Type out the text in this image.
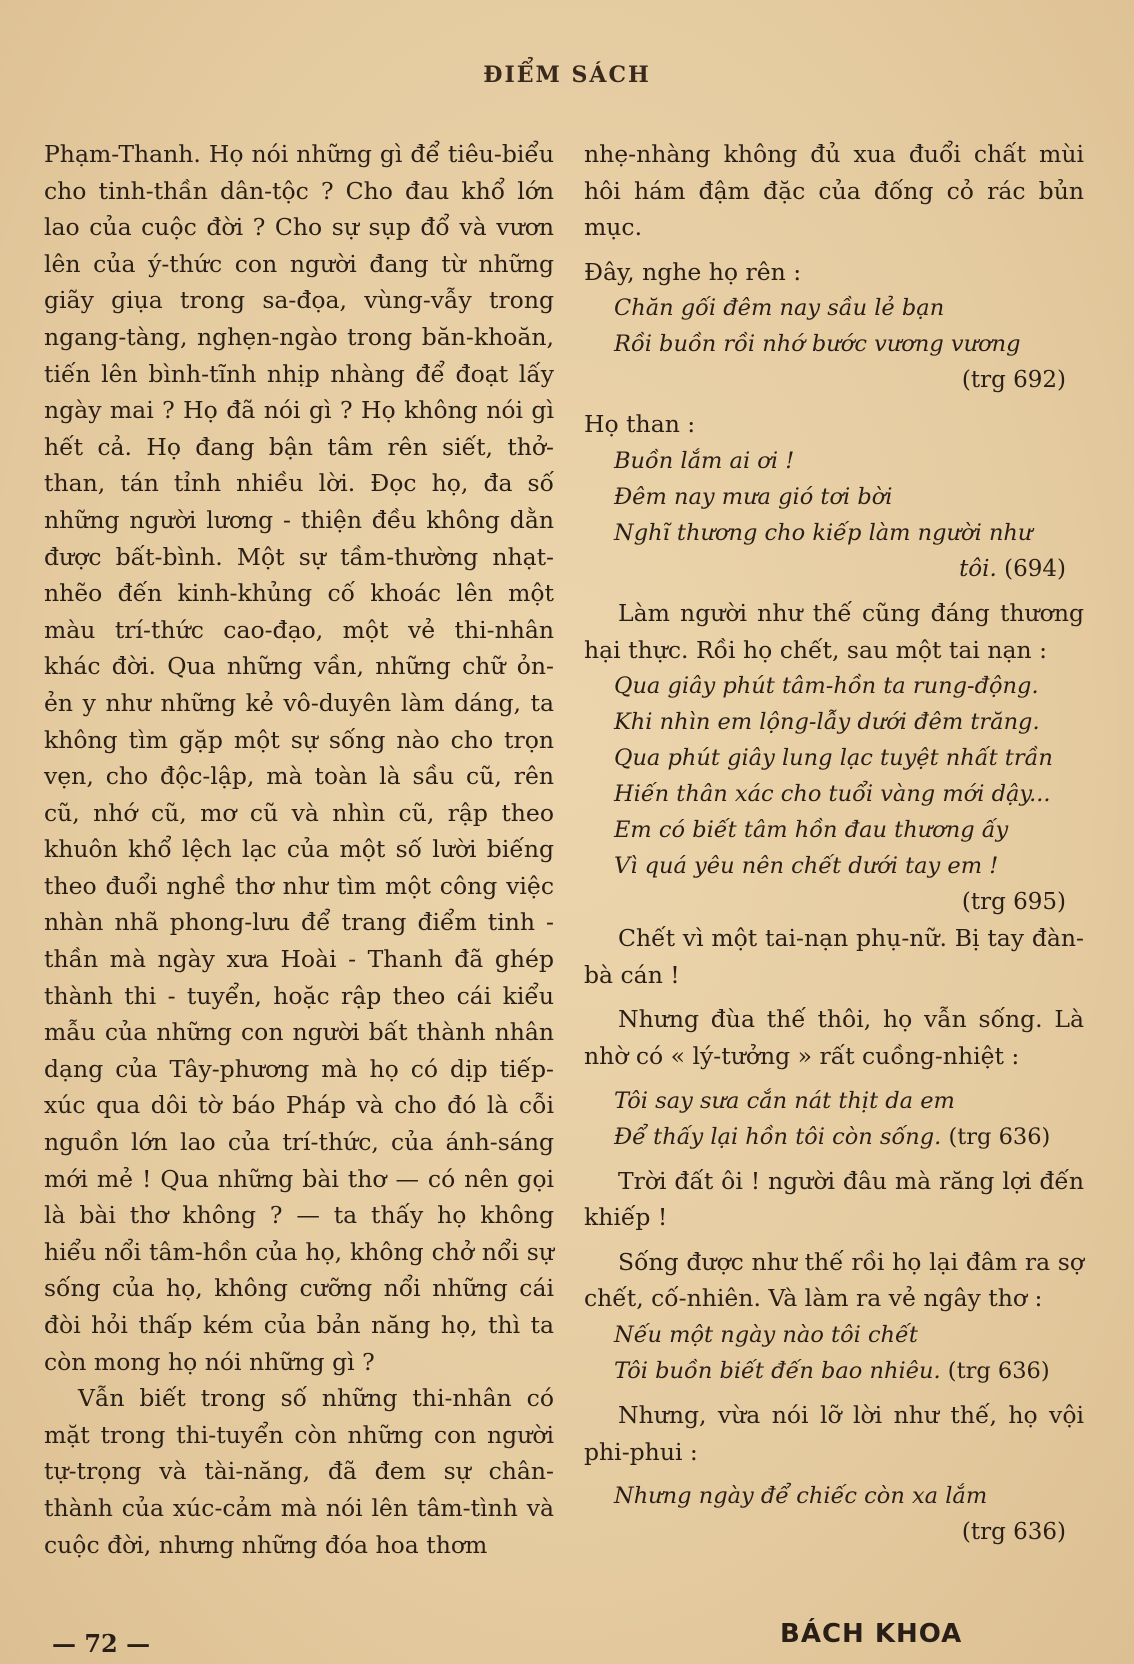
ĐIỂM SÁCH

Phạm-Thanh. Họ nói những gì để tiêu-biểu cho tinh-thần dân-tộc ? Cho đau khổ lớn lao của cuộc đời ? Cho sự sụp đổ và vươn lên của ý-thức con người đang từ những giãy giụa trong sa-đọa, vùng-vẫy trong ngang-tàng, nghẹn-ngào trong băn-khoăn, tiến lên bình-tĩnh nhịp nhàng để đoạt lấy ngày mai ? Họ đã nói gì ? Họ không nói gì hết cả. Họ đang bận tâm rên siết, thở-than, tán tỉnh nhiều lời. Đọc họ, đa số những người lương - thiện đều không dằn được bất-bình. Một sự tầm-thường nhạt-nhẽo đến kinh-khủng cố khoác lên một màu trí-thức cao-đạo, một vẻ thi-nhân khác đời. Qua những vần, những chữ ỏn-ẻn y như những kẻ vô-duyên làm dáng, ta không tìm gặp một sự sống nào cho trọn vẹn, cho độc-lập, mà toàn là sầu cũ, rên cũ, nhớ cũ, mơ cũ và nhìn cũ, rập theo khuôn khổ lệch lạc của một số lười biếng theo đuổi nghề thơ như tìm một công việc nhàn nhã phong-lưu để trang điểm tinh - thần mà ngày xưa Hoài - Thanh đã ghép thành thi - tuyển, hoặc rập theo cái kiểu mẫu của những con người bất thành nhân dạng của Tây-phương mà họ có dịp tiếp-xúc qua dôi tờ báo Pháp và cho đó là cỗi nguồn lớn lao của trí-thức, của ánh-sáng mới mẻ ! Qua những bài thơ — có nên gọi là bài thơ không ? — ta thấy họ không hiểu nổi tâm-hồn của họ, không chở nổi sự sống của họ, không cưỡng nổi những cái đòi hỏi thấp kém của bản năng họ, thì ta còn mong họ nói những gì ?

Vẫn biết trong số những thi-nhân có mặt trong thi-tuyển còn những con người tự-trọng và tài-năng, đã đem sự chân-thành của xúc-cảm mà nói lên tâm-tình và cuộc đời, nhưng những đóa hoa thơm

nhẹ-nhàng không đủ xua đuổi chất mùi hôi hám đậm đặc của đống cỏ rác bủn mục.

Đây, nghe họ rên :

Chăn gối đêm nay sầu lẻ bạn

Rồi buồn rồi nhớ bước vương vương

(trg 692)

Họ than :

Buồn lắm ai ơi !

Đêm nay mưa gió tơi bời

Nghĩ thương cho kiếp làm người như

tôi. (694)

Làm người như thế cũng đáng thương hại thực. Rồi họ chết, sau một tai nạn :

Qua giây phút tâm-hồn ta rung-động.

Khi nhìn em lộng-lẫy dưới đêm trăng.

Qua phút giây lung lạc tuyệt nhất trần

Hiến thân xác cho tuổi vàng mới dậy...

Em có biết tâm hồn đau thương ấy

Vì quá yêu nên chết dưới tay em !

(trg 695)

Chết vì một tai-nạn phụ-nữ. Bị tay đàn-bà cán !

Nhưng đùa thế thôi, họ vẫn sống. Là nhờ có « lý-tưởng » rất cuồng-nhiệt :

Tôi say sưa cắn nát thịt da em

Để thấy lại hồn tôi còn sống. (trg 636)

Trời đất ôi ! người đâu mà răng lợi đến khiếp !

Sống được như thế rồi họ lại đâm ra sợ chết, cố-nhiên. Và làm ra vẻ ngây thơ :

Nếu một ngày nào tôi chết

Tôi buồn biết đến bao nhiêu. (trg 636)

Nhưng, vừa nói lỡ lời như thế, họ vội phi-phui :

Nhưng ngày để chiếc còn xa lắm

(trg 636)

— 72 —	BÁCH KHOA
